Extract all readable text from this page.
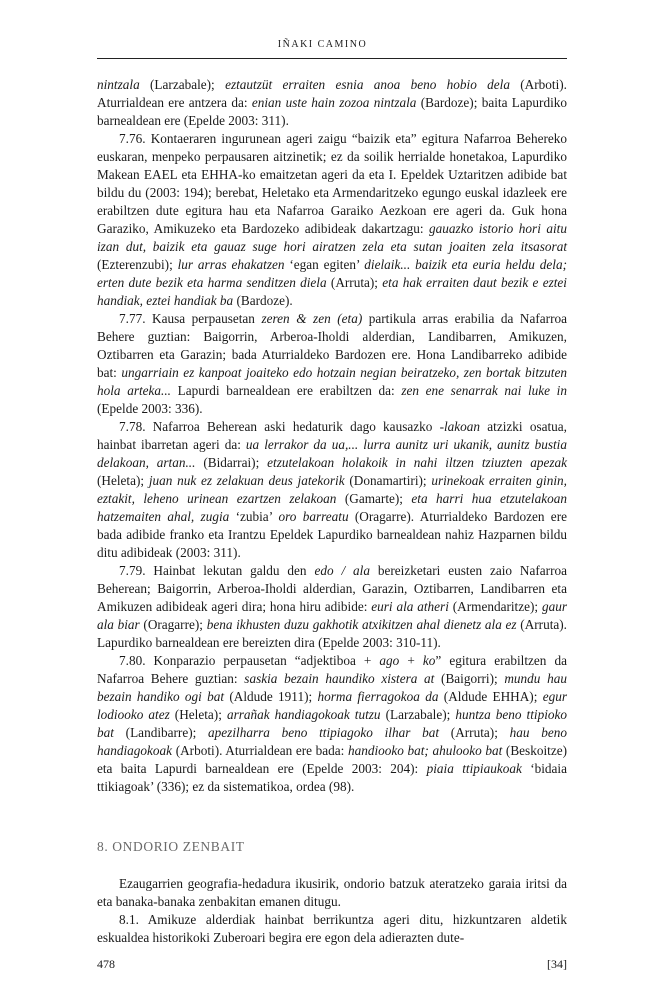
IÑAKI CAMINO

nintzala (Larzabale); eztautzüt erraiten esnia anoa beno hobio dela (Arboti). Aturrialdean ere antzera da: enian uste hain zozoa nintzala (Bardoze); baita Lapurdiko barnealdean ere (Epelde 2003: 311).

7.76. Kontaeraren ingurunean ageri zaigu “baizik eta” egitura Nafarroa Behereko euskaran, menpeko perpausaren aitzinetik; ez da soilik herrialde honetakoa, Lapurdiko Makean EAEL eta EHHA-ko emaitzetan ageri da eta I. Epeldek Uztaritzen adibide bat bildu du (2003: 194); berebat, Heletako eta Armendaritzeko egungo euskal idazleek ere erabiltzen dute egitura hau eta Nafarroa Garaiko Aezkoan ere ageri da. Guk hona Garaziko, Amikuzeko eta Bardozeko adibideak dakartzagu: gauazko istorio hori aitu izan dut, baizik eta gauaz suge hori airatzen zela eta sutan joaiten zela itsasorat (Ezterenzubi); lur arras ehakatzen ‘egan egiten’ dielaik... baizik eta euria heldu dela; erten dute bezik eta harma senditzen diela (Arruta); eta hak erraiten daut bezik e eztei handiak, eztei handiak ba (Bardoze).

7.77. Kausa perpausetan zeren & zen (eta) partikula arras erabilia da Nafarroa Behere guztian: Baigorrin, Arberoa-Iholdi alderdian, Landibarren, Amikuzen, Oztibarren eta Garazin; bada Aturrialdeko Bardozen ere. Hona Landibarreko adibide bat: ungarriain ez kanpoat joaiteko edo hotzain negian beiratzeko, zen bortak bitzuten hola arteka... Lapurdi barnealdean ere erabiltzen da: zen ene senarrak nai luke in (Epelde 2003: 336).

7.78. Nafarroa Beherean aski hedaturik dago kausazko -lakoan atzizki osatua, hainbat ibarretan ageri da: ua lerrakor da ua,... lurra aunitz uri ukanik, aunitz bustia delakoan, artan... (Bidarrai); etzutelakoan holakoik in nahi iltzen tziuzten apezak (Heleta); juan nuk ez zelakuan deus jatekorik (Donamartiri); urinekoak erraiten ginin, eztakit, leheno urinean ezartzen zelakoan (Gamarte); eta harri hua etzutelakoan hatzemaiten ahal, zugia ‘zubia’ oro barreatu (Oragarre). Aturrialdeko Bardozen ere bada adibide franko eta Irantzu Epeldek Lapurdiko barnealdean nahiz Hazparnen bildu ditu adibideak (2003: 311).

7.79. Hainbat lekutan galdu den edo / ala bereizketari eusten zaio Nafarroa Beherean; Baigorrin, Arberoa-Iholdi alderdian, Garazin, Oztibarren, Landibarren eta Amikuzen adibideak ageri dira; hona hiru adibide: euri ala atheri (Armendaritze); gaur ala biar (Oragarre); bena ikhusten duzu gakhotik atxikitzen ahal dienetz ala ez (Arruta). Lapurdiko barnealdean ere bereizten dira (Epelde 2003: 310-11).

7.80. Konparazio perpausetan “adjektiboa + ago + ko” egitura erabiltzen da Nafarroa Behere guztian: saskia bezain haundiko xistera at (Baigorri); mundu hau bezain handiko ogi bat (Aldude 1911); horma fierragokoa da (Aldude EHHA); egur lodiooko atez (Heleta); arrañak handiagokoak tutzu (Larzabale); huntza beno ttipioko bat (Landibarre); apezilharra beno ttipiagoko ilhar bat (Arruta); hau beno handiagokoak (Arboti). Aturrialdean ere bada: handiooko bat; ahulooko bat (Beskoitze) eta baita Lapurdi barnealdean ere (Epelde 2003: 204): piaia ttipiaukoak ‘bidaia ttikiagoak’ (336); ez da sistematikoa, ordea (98).

8. ONDORIO ZENBAIT

Ezaugarrien geografia-hedadura ikusirik, ondorio batzuk ateratzeko garaia iritsi da eta banaka-banaka zenbakitan emanen ditugu.

8.1. Amikuze alderdiak hainbat berrikuntza ageri ditu, hizkuntzaren aldetik eskualdea historikoki Zuberoari begira ere egon dela adierazten dute-

478	[34]
